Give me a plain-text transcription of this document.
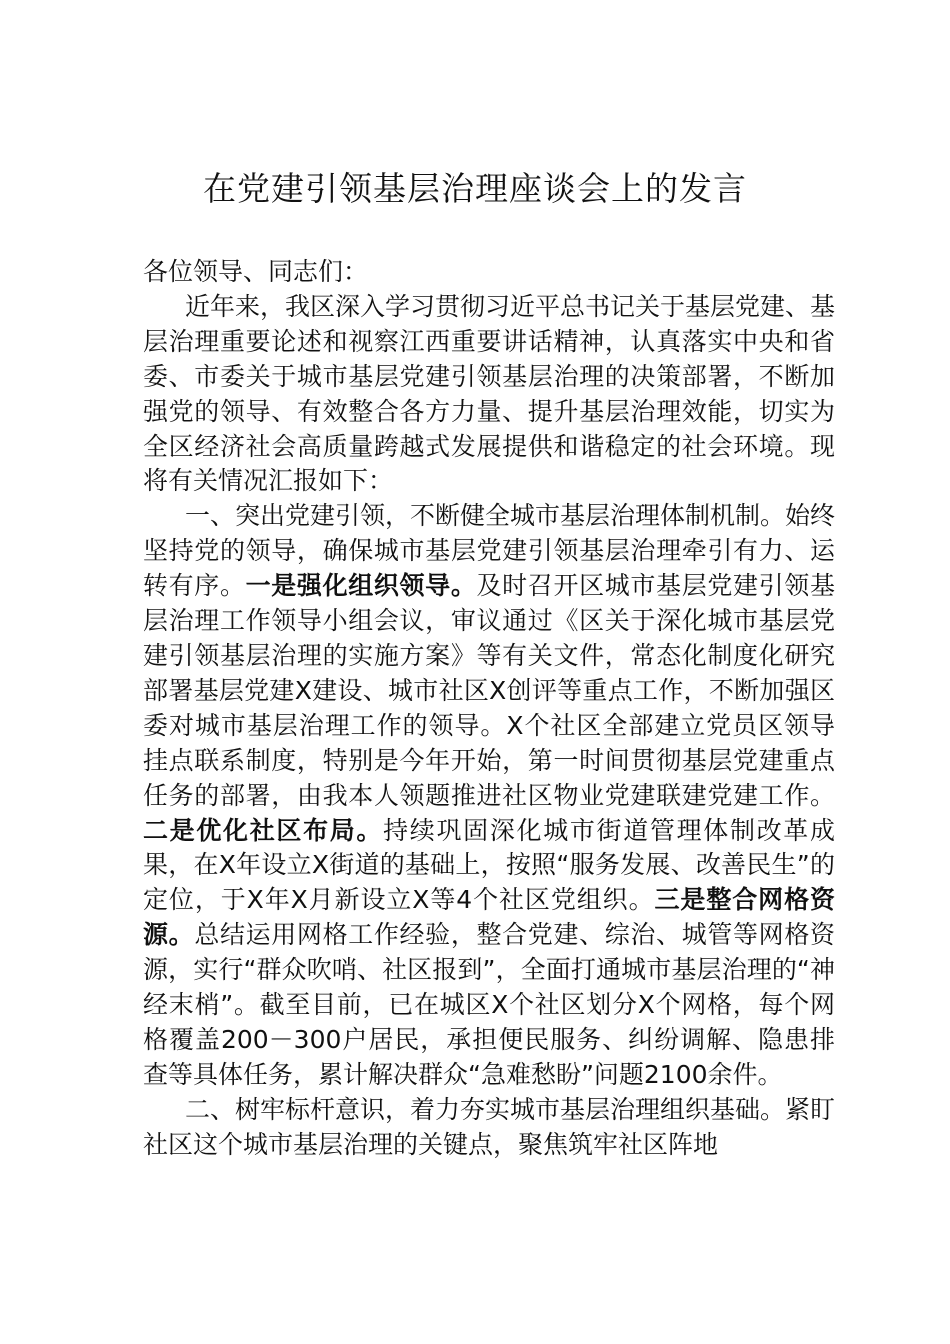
在党建引领基层治理座谈会上的发言

各位领导、同志们：

近年来，我区深入学习贯彻习近平总书记关于基层党建、基层治理重要论述和视察江西重要讲话精神，认真落实中央和省委、市委关于城市基层党建引领基层治理的决策部署，不断加强党的领导、有效整合各方力量、提升基层治理效能，切实为全区经济社会高质量跨越式发展提供和谐稳定的社会环境。现将有关情况汇报如下：

一、突出党建引领，不断健全城市基层治理体制机制。始终坚持党的领导，确保城市基层党建引领基层治理牵引有力、运转有序。一是强化组织领导。及时召开区城市基层党建引领基层治理工作领导小组会议，审议通过《区关于深化城市基层党建引领基层治理的实施方案》等有关文件，常态化制度化研究部署基层党建X建设、城市社区X创评等重点工作，不断加强区委对城市基层治理工作的领导。X个社区全部建立党员区领导挂点联系制度，特别是今年开始，第一时间贯彻基层党建重点任务的部署，由我本人领题推进社区物业党建联建党建工作。二是优化社区布局。持续巩固深化城市街道管理体制改革成果，在X年设立X街道的基础上，按照“服务发展、改善民生”的定位，于X年X月新设立X等4个社区党组织。三是整合网格资源。总结运用网格工作经验，整合党建、综治、城管等网格资源，实行“群众吹哨、社区报到”，全面打通城市基层治理的“神经末梢”。截至目前，已在城区X个社区划分X个网格，每个网格覆盖200－300户居民，承担便民服务、纠纷调解、隐患排查等具体任务，累计解决群众“急难愁盼”问题2100余件。

二、树牢标杆意识，着力夯实城市基层治理组织基础。紧盯社区这个城市基层治理的关键点，聚焦筑牢社区阵地
